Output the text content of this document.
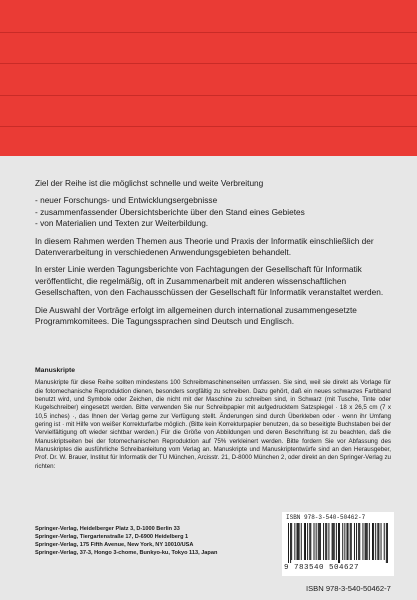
Ziel der Reihe ist die möglichst schnelle und weite Verbreitung

- neuer Forschungs- und Entwicklungsergebnisse
- zusammenfassender Übersichtsberichte über den Stand eines Gebietes
- von Materialien und Texten zur Weiterbildung.

In diesem Rahmen werden Themen aus Theorie und Praxis der Informatik einschließlich der Datenverarbeitung in verschiedenen Anwendungsgebieten behandelt.

In erster Linie werden Tagungsberichte von Fachtagungen der Gesellschaft für Informatik veröffentlicht, die regelmäßig, oft in Zusammenarbeit mit anderen wissenschaftlichen Gesellschaften, von den Fachausschüssen der Gesellschaft für Informatik veranstaltet werden.

Die Auswahl der Vorträge erfolgt im allgemeinen durch international zusammengesetzte Programmkomitees. Die Tagungssprachen sind Deutsch und Englisch.

Manuskripte

Manuskripte für diese Reihe sollten mindestens 100 Schreibmaschinenseiten umfassen. Sie sind, weil sie direkt als Vorlage für die fotomechanische Reproduktion dienen, besonders sorgfältig zu schreiben. Dazu gehört, daß ein neues schwarzes Farbband benutzt wird, und Symbole oder Zeichen, die nicht mit der Maschine zu schreiben sind, in Schwarz (mit Tusche, Tinte oder Kugelschreiber) eingesetzt werden. Bitte verwenden Sie nur Schreibpapier mit aufgedrucktem Satzspiegel · 18 x 26,5 cm (7 x 10,5 inches) ·, das Ihnen der Verlag gerne zur Verfügung stellt. Änderungen sind durch Überkleben oder · wenn ihr Umfang gering ist · mit Hilfe von weißer Korrekturfarbe möglich. (Bitte kein Korrekturpapier benutzen, da so beseitigte Buchstaben bei der Vervielfältigung oft wieder sichtbar werden.) Für die Größe von Abbildungen und deren Beschriftung ist zu beachten, daß die Manuskriptseiten bei der fotomechanischen Reproduktion auf 75% verkleinert werden. Bitte fordern Sie vor Abfassung des Manuskriptes die ausführliche Schreibanleitung vom Verlag an. Manuskripte und Manuskriptentwürfe sind an den Herausgeber, Prof. Dr. W. Brauer, Institut für Informatik der TU München, Arcisstr. 21, D-8000 München 2, oder direkt an den Springer-Verlag zu richten:

Springer-Verlag, Heidelberger Platz 3, D-1000 Berlin 33
Springer-Verlag, Tiergartenstraße 17, D-6900 Heidelberg 1
Springer-Verlag, 175 Fifth Avenue, New York, NY 10010/USA
Springer-Verlag, 37-3, Hongo 3-chome, Bunkyo-ku, Tokyo 113, Japan
ISBN 978-3-540-50462-7
9 783540 504627
ISBN 978-3-540-50462-7
